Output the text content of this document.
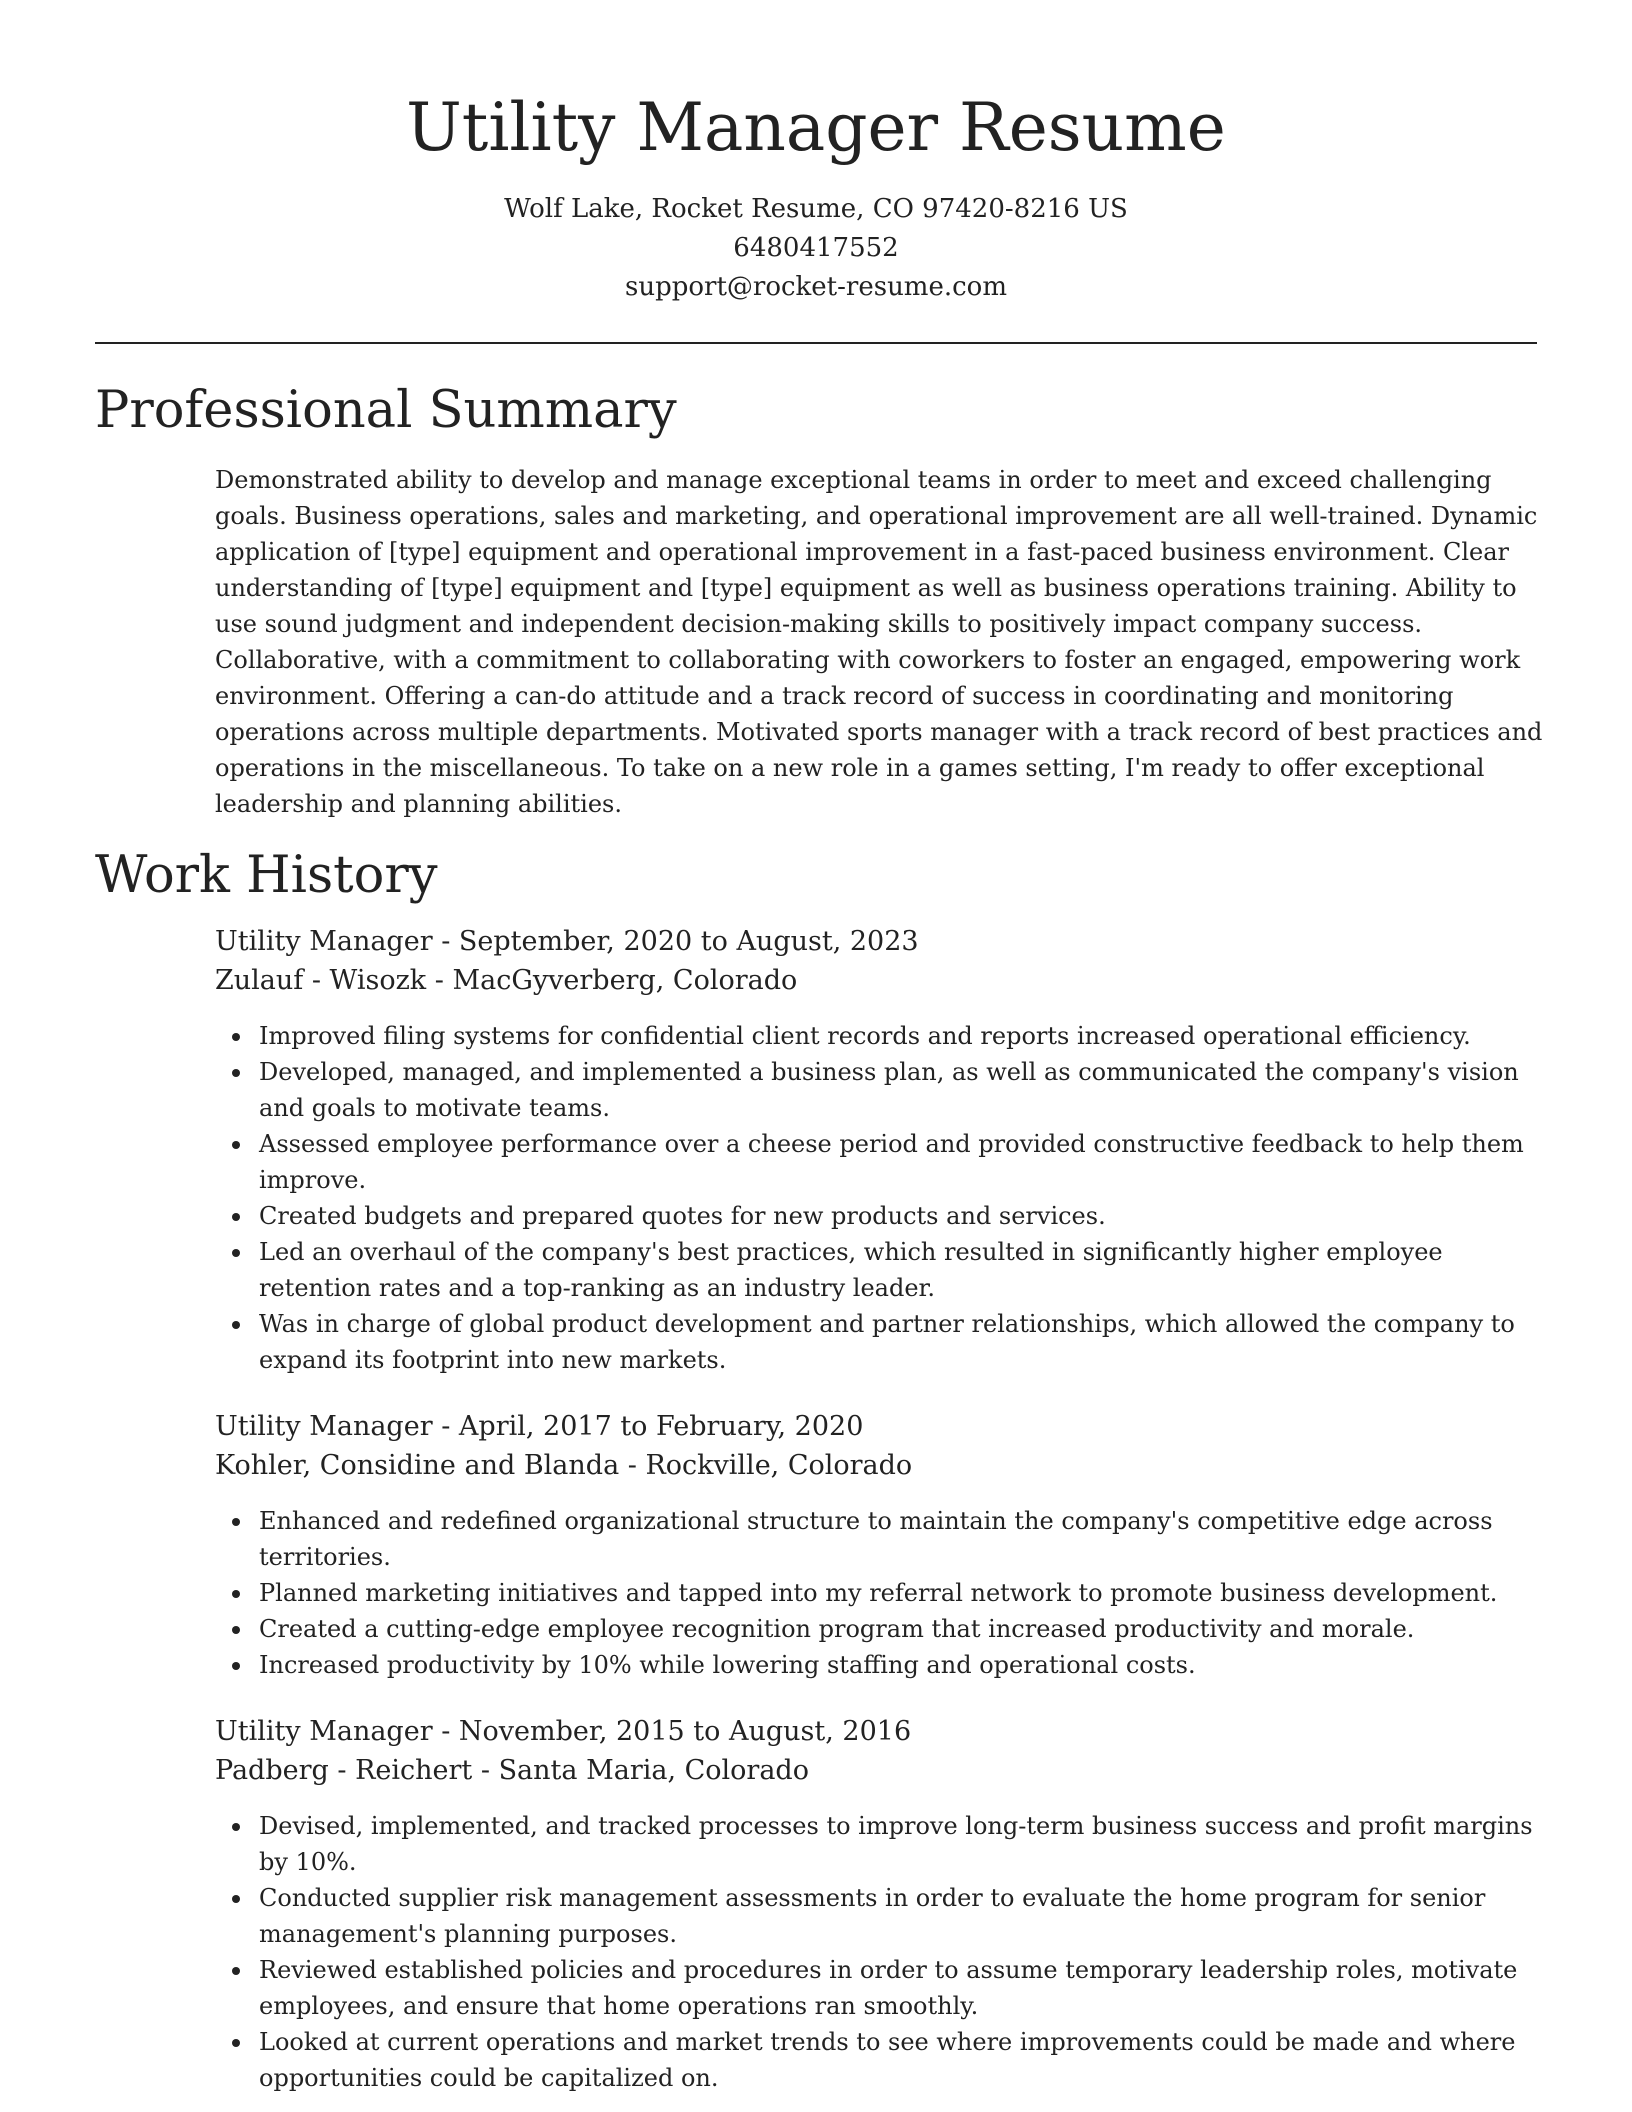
Utility Manager Resume
Wolf Lake, Rocket Resume, CO 97420-8216 US
6480417552
support@rocket-resume.com
Professional Summary

Demonstrated ability to develop and manage exceptional teams in order to meet and exceed challenging goals. Business operations, sales and marketing, and operational improvement are all well-trained. Dynamic application of [type] equipment and operational improvement in a fast-paced business environment. Clear understanding of [type] equipment and [type] equipment as well as business operations training. Ability to use sound judgment and independent decision-making skills to positively impact company success. Collaborative, with a commitment to collaborating with coworkers to foster an engaged, empowering work environment. Offering a can-do attitude and a track record of success in coordinating and monitoring operations across multiple departments. Motivated sports manager with a track record of best practices and operations in the miscellaneous. To take on a new role in a games setting, I'm ready to offer exceptional leadership and planning abilities.

Work History
Utility Manager - September, 2020 to August, 2023
Zulauf - Wisozk - MacGyverberg, Colorado
Improved filing systems for confidential client records and reports increased operational efficiency.
Developed, managed, and implemented a business plan, as well as communicated the company's vision and goals to motivate teams.
Assessed employee performance over a cheese period and provided constructive feedback to help them improve.
Created budgets and prepared quotes for new products and services.
Led an overhaul of the company's best practices, which resulted in significantly higher employee retention rates and a top-ranking as an industry leader.
Was in charge of global product development and partner relationships, which allowed the company to expand its footprint into new markets.
Utility Manager - April, 2017 to February, 2020
Kohler, Considine and Blanda - Rockville, Colorado
Enhanced and redefined organizational structure to maintain the company's competitive edge across territories.
Planned marketing initiatives and tapped into my referral network to promote business development.
Created a cutting-edge employee recognition program that increased productivity and morale.
Increased productivity by 10% while lowering staffing and operational costs.
Utility Manager - November, 2015 to August, 2016
Padberg - Reichert - Santa Maria, Colorado
Devised, implemented, and tracked processes to improve long-term business success and profit margins by 10%.
Conducted supplier risk management assessments in order to evaluate the home program for senior management's planning purposes.
Reviewed established policies and procedures in order to assume temporary leadership roles, motivate employees, and ensure that home operations ran smoothly.
Looked at current operations and market trends to see where improvements could be made and where opportunities could be capitalized on.
